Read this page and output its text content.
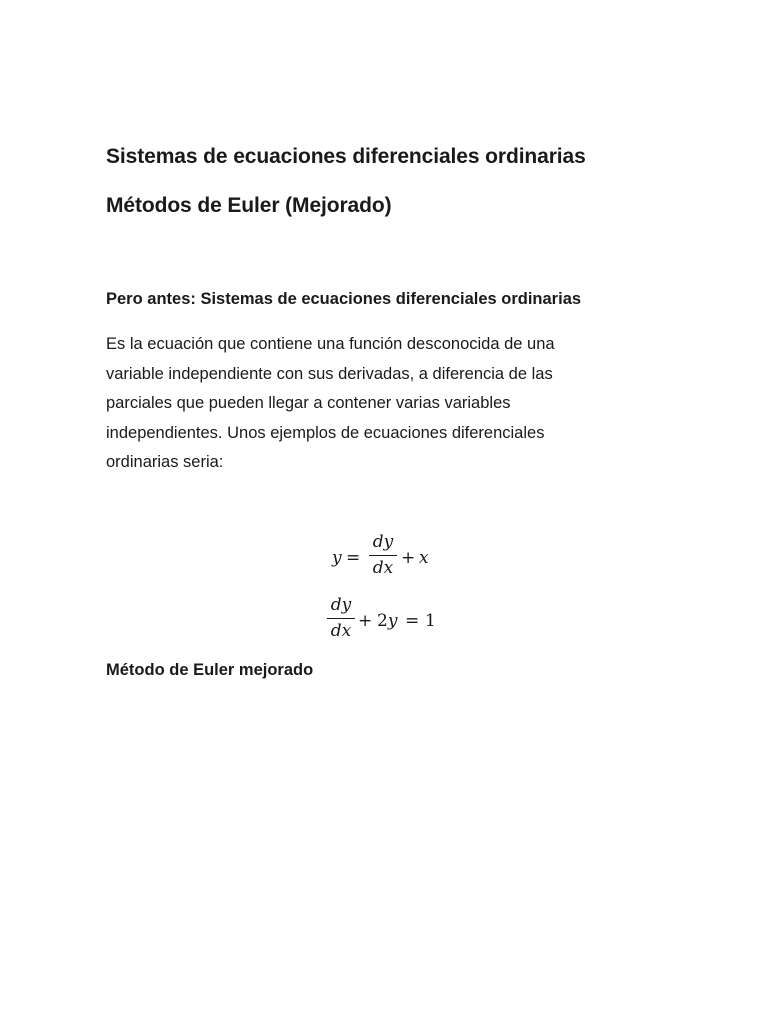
Sistemas de ecuaciones diferenciales ordinarias
Métodos de Euler (Mejorado)
Pero antes: Sistemas de ecuaciones diferenciales ordinarias
Es la ecuación que contiene una función desconocida de una
variable independiente con sus derivadas, a diferencia de las
parciales que pueden llegar a contener varias variables
independientes. Unos ejemplos de ecuaciones diferenciales
ordinarias seria:
y =
dy
dx + x
dy
dx + 2y = 1
Método de Euler mejorado
